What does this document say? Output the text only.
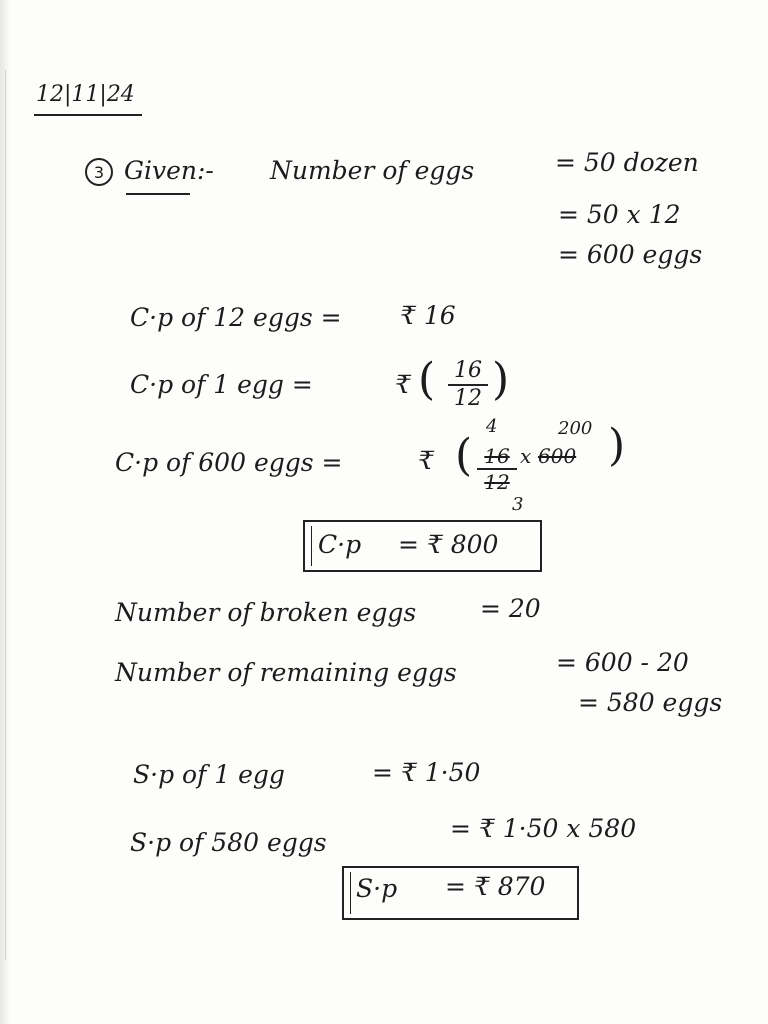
12|11|24
3 Given:- Number of eggs	= 50 dozen
= 50 x 12
= 600 eggs
C·p of 12 eggs = ₹ 16
C·p of 1 egg =	₹ ( 16
12 )
C·p of 600 eggs =	₹
4	200
( 16
12
x 600 )
3
C·p = ₹ 800
Number of broken eggs	= 20
Number of remaining eggs	= 600 - 20
= 580 eggs
S·p of 1 egg	= ₹ 1·50
S·p of 580 eggs	= ₹ 1·50 x 580
S·p = ₹ 870
